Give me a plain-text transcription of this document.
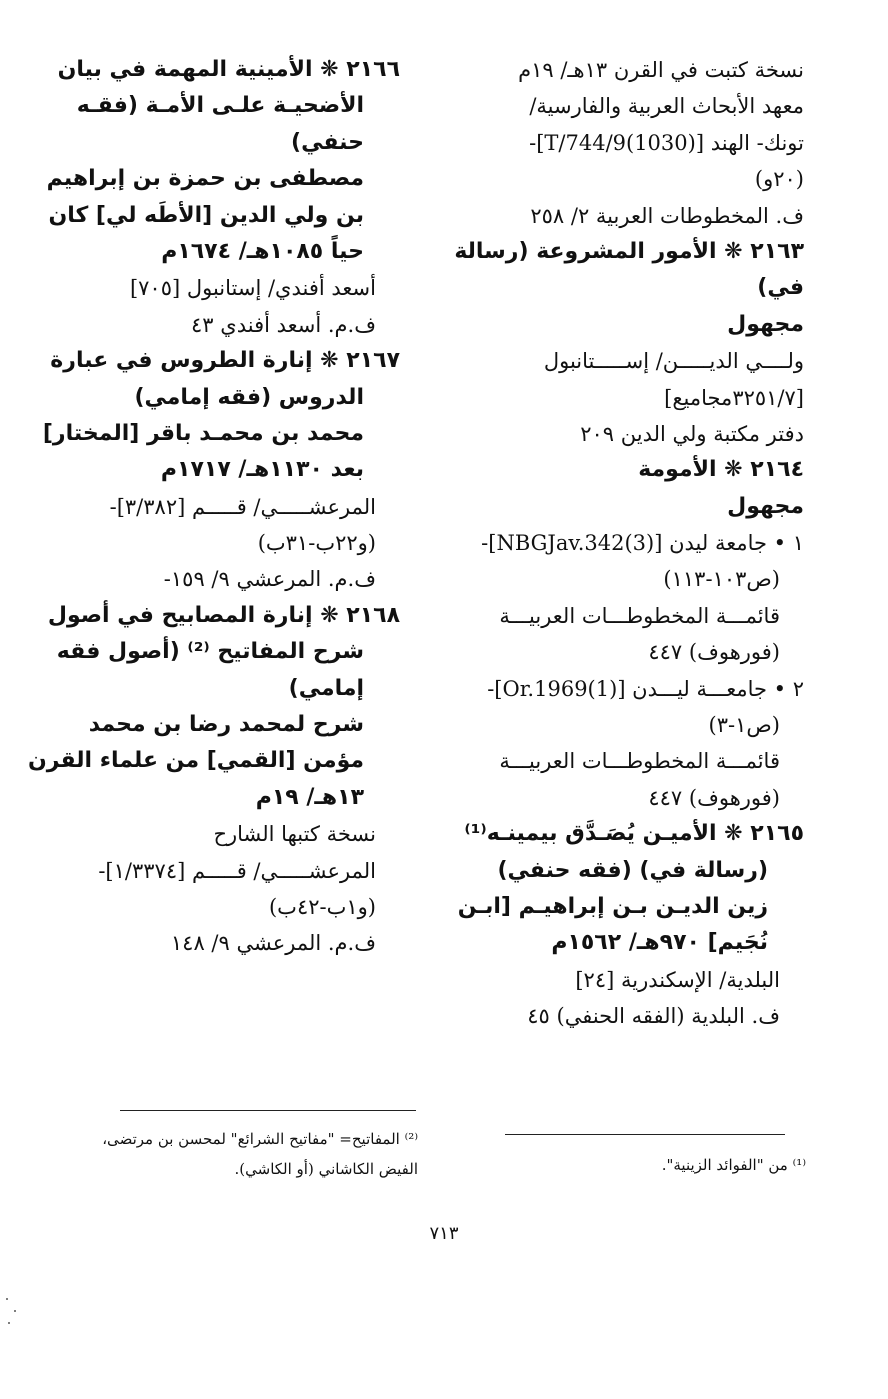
نسخة كتبت في القرن ١٣هـ/ ١٩م
معهد الأبحاث العربية والفارسية/
تونك- الهند [T/744/9(1030)]-
(٢٠و)
ف. المخطوطات العربية ٢/ ٢٥٨
٢١٦٣ ❋ الأمور المشروعة (رسالة
في)
مجهول
ولــــي الديـــــن/ إســـــتانبول
[٣٢٥١/٧مجاميع]
دفتر مكتبة ولي الدين ٢٠٩
٢١٦٤ ❋ الأمومة
مجهول
١ • جامعة ليدن [NBGJav.342(3)]-
(ص١٠٣-١١٣)
قائمـــة المخطوطـــات العربيـــة
(فورهوف) ٤٤٧
٢ • جامعـــة ليـــدن [Or.1969(1)]-
(ص١-٣)
قائمـــة المخطوطـــات العربيـــة
(فورهوف) ٤٤٧
٢١٦٥ ❋ الأميـن يُصَـدَّق بيمينـه⁽¹⁾
(رسالة في) (فقه حنفي)
زين الديـن بـن إبراهيـم [ابـن
نُجَيم] ٩٧٠هـ/ ١٥٦٢م
البلدية/ الإسكندرية [٢٤]
ف. البلدية (الفقه الحنفي) ٤٥
٢١٦٦ ❋ الأمينية المهمة في بيان
الأضحيـة علـى الأمـة (فقـه
حنفي)
مصطفى بن حمزة بن إبراهيم
بن ولي الدين [الأطَه لي] كان
حياً ١٠٨٥هـ/ ١٦٧٤م
أسعد أفندي/ إستانبول [٧٠٥]
ف.م. أسعد أفندي ٤٣
٢١٦٧ ❋ إنارة الطروس في عبارة
الدروس (فقه إمامي)
محمد بن محمـد باقر [المختار]
بعد ١١٣٠هـ/ ١٧١٧م
المرعشـــــي/ قـــــم [٣/٣٨٢]-
(و٢٢ب-٣١ب)
ف.م. المرعشي ٩/ ١٥٩-
٢١٦٨ ❋ إنارة المصابيح في أصول
شرح المفاتيح ⁽²⁾ (أصول فقه
إمامي)
شرح لمحمد رضا بن محمد
مؤمن [القمي] من علماء القرن
١٣هـ/ ١٩م
نسخة كتبها الشارح
المرعشـــــي/ قـــــم [١/٣٣٧٤]-
(و١ب-٤٢ب)
ف.م. المرعشي ٩/ ١٤٨
⁽¹⁾ من "الفوائد الزينية".
⁽²⁾ المفاتيح= "مفاتيح الشرائع" لمحسن بن مرتضى،
الفيض الكاشاني (أو الكاشي).
٧١٣
